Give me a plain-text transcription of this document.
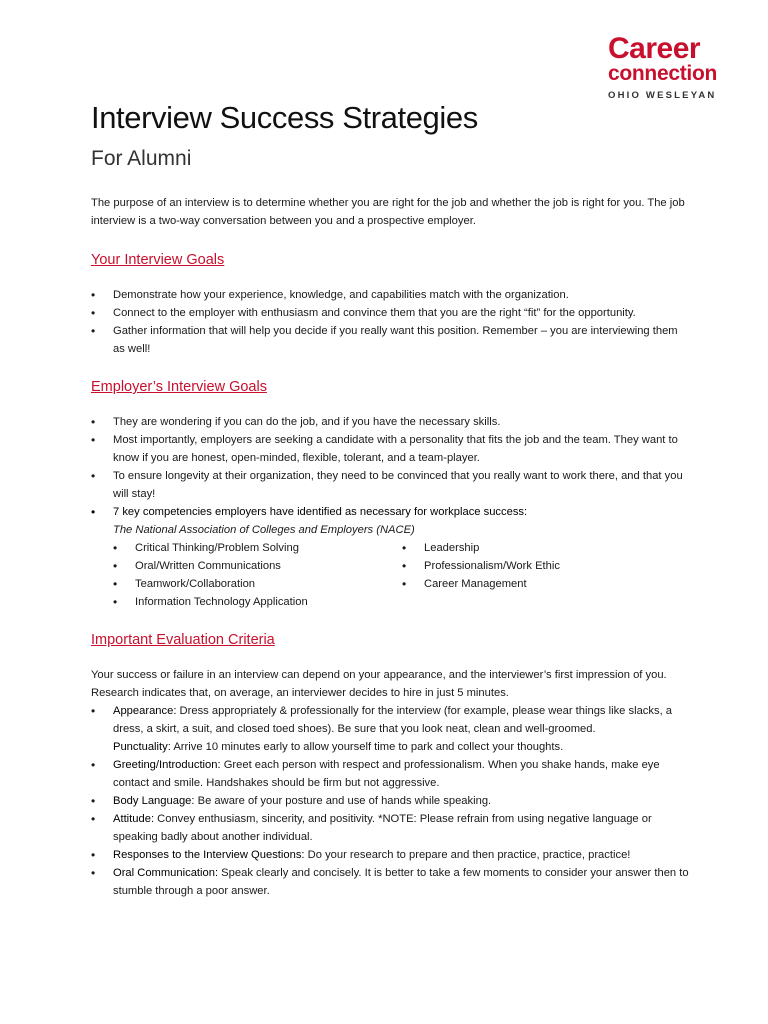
Career
connection
OHIO WESLEYAN
Interview Success Strategies
For Alumni

The purpose of an interview is to determine whether you are right for the job and whether the job is right for you. The job interview is a two-way conversation between you and a prospective employer.

Your Interview Goals
• Demonstrate how your experience, knowledge, and capabilities match with the organization.
• Connect to the employer with enthusiasm and convince them that you are the right “fit” for the opportunity.
• Gather information that will help you decide if you really want this position. Remember – you are interviewing them as well!
Employer’s Interview Goals
• They are wondering if you can do the job, and if you have the necessary skills.
• Most importantly, employers are seeking a candidate with a personality that fits the job and the team. They want to know if you are honest, open-minded, flexible, tolerant, and a team-player.
• To ensure longevity at their organization, they need to be convinced that you really want to work there, and that you will stay!
• 7 key competencies employers have identified as necessary for workplace success:
The National Association of Colleges and Employers (NACE)
• Critical Thinking/Problem Solving
• Oral/Written Communications
• Teamwork/Collaboration
• Information Technology Application
• Leadership
• Professionalism/Work Ethic
• Career Management
Important Evaluation Criteria

Your success or failure in an interview can depend on your appearance, and the interviewer’s first impression of you. Research indicates that, on average, an interviewer decides to hire in just 5 minutes.

• Appearance: Dress appropriately & professionally for the interview (for example, please wear things like slacks, a dress, a skirt, a suit, and closed toed shoes). Be sure that you look neat, clean and well-groomed.
Punctuality: Arrive 10 minutes early to allow yourself time to park and collect your thoughts.
• Greeting/Introduction: Greet each person with respect and professionalism. When you shake hands, make eye contact and smile. Handshakes should be firm but not aggressive.
• Body Language: Be aware of your posture and use of hands while speaking.
• Attitude: Convey enthusiasm, sincerity, and positivity. *NOTE: Please refrain from using negative language or speaking badly about another individual.
• Responses to the Interview Questions: Do your research to prepare and then practice, practice, practice!
• Oral Communication: Speak clearly and concisely. It is better to take a few moments to consider your answer then to stumble through a poor answer.
